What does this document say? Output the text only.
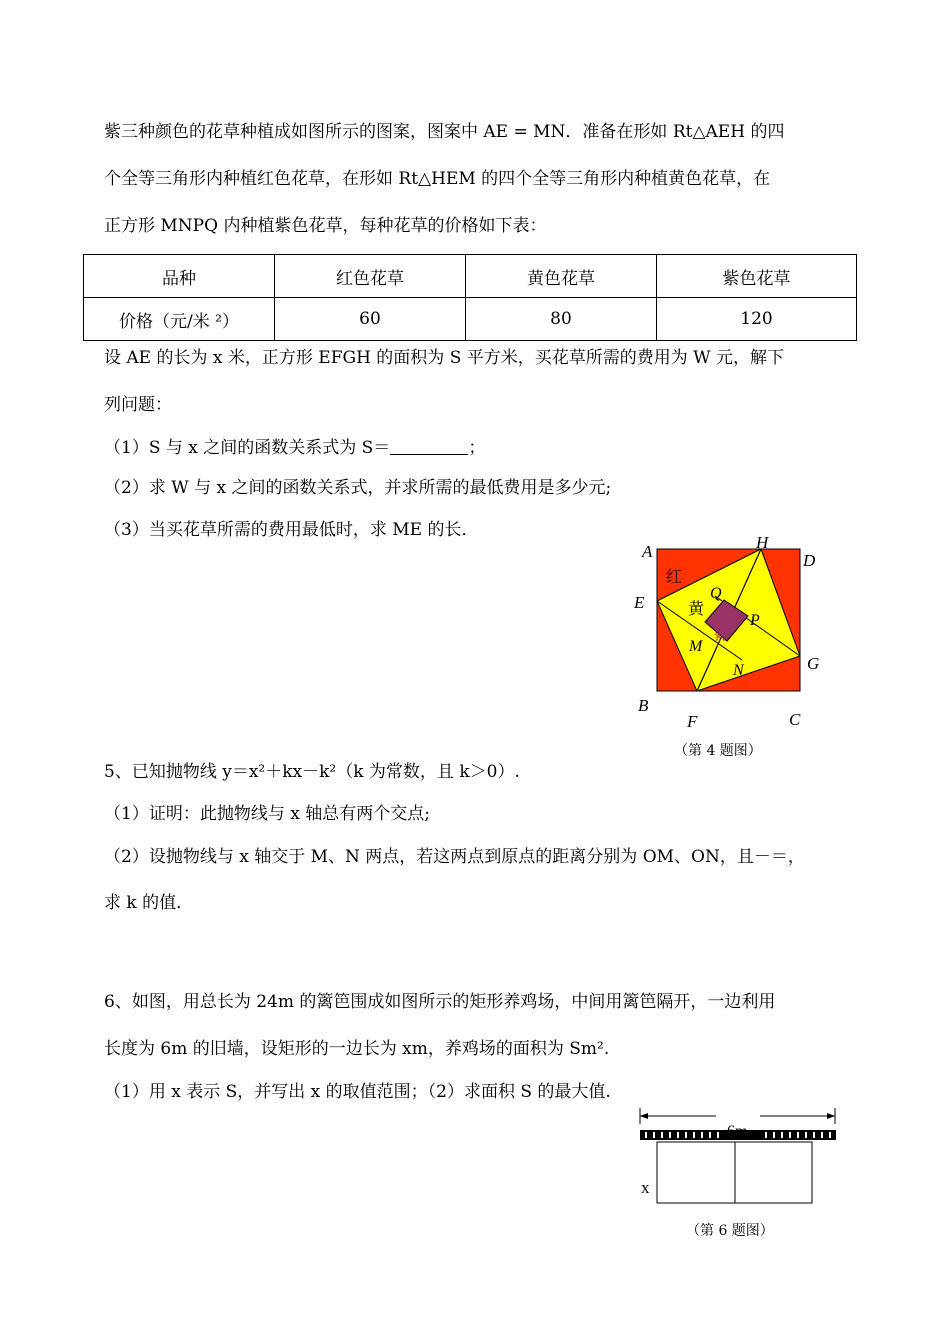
紫三种颜色的花草种植成如图所示的图案，图案中 AE = MN．准备在形如 Rt△AEH 的四
个全等三角形内种植红色花草，在形如 Rt△HEM 的四个全等三角形内种植黄色花草，在
正方形 MNPQ 内种植紫色花草，每种花草的价格如下表：
品种	红色花草	黄色花草	紫色花草
价格（元/米 ²）	60	80	120
设 AE 的长为 x 米，正方形 EFGH 的面积为 S 平方米，买花草所需的费用为 W 元，解下
列问题：
（1）S 与 x 之间的函数关系式为 S＝	；
（2）求 W 与 x 之间的函数关系式，并求所需的最低费用是多少元;
（3）当买花草所需的费用最低时，求 ME 的长．
A	H
D
E
G
B
F	C
Q
P
M
N
红
黄
紫
（第 4 题图）
5、已知抛物线 y＝x²＋kx－k²（k 为常数，且 k＞0）.
（1）证明：此抛物线与 x 轴总有两个交点;
（2）设抛物线与 x 轴交于 M、N 两点，若这两点到原点的距离分别为 OM、ON，且－＝，
求 k 的值．
6、如图，用总长为 24m 的篱笆围成如图所示的矩形养鸡场，中间用篱笆隔开，一边利用
长度为 6m 的旧墙，设矩形的一边长为 xm，养鸡场的面积为 Sm².
（1）用 x 表示 S，并写出 x 的取值范围；（2）求面积 S 的最大值.
x
（第 6 题图）
